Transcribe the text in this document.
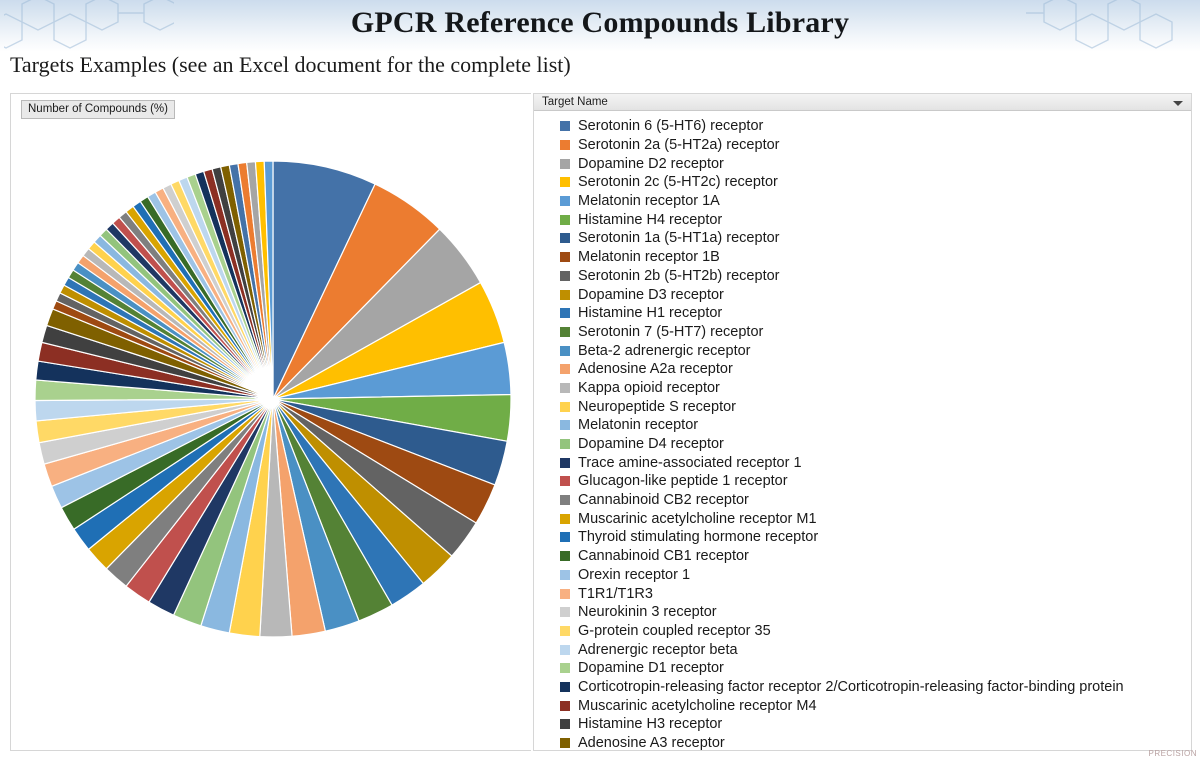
GPCR Reference Compounds Library
Targets Examples (see an Excel document for the complete list)
Number of Compounds (%)
Target Name
Serotonin 6 (5-HT6) receptor
Serotonin 2a (5-HT2a) receptor
Dopamine D2 receptor
Serotonin 2c (5-HT2c) receptor
Melatonin receptor 1A
Histamine H4 receptor
Serotonin 1a (5-HT1a) receptor
Melatonin receptor 1B
Serotonin 2b (5-HT2b) receptor
Dopamine D3 receptor
Histamine H1 receptor
Serotonin 7 (5-HT7) receptor
Beta-2 adrenergic receptor
Adenosine A2a receptor
Kappa opioid receptor
Neuropeptide S receptor
Melatonin receptor
Dopamine D4 receptor
Trace amine-associated receptor 1
Glucagon-like peptide 1 receptor
Cannabinoid CB2 receptor
Muscarinic acetylcholine receptor M1
Thyroid stimulating hormone receptor
Cannabinoid CB1 receptor
Orexin receptor 1
T1R1/T1R3
Neurokinin 3 receptor
G-protein coupled receptor 35
Adrenergic receptor beta
Dopamine D1 receptor
Corticotropin-releasing factor receptor 2/Corticotropin-releasing factor-binding protein
Muscarinic acetylcholine receptor M4
Histamine H3 receptor
Adenosine A3 receptor
PRECISION
